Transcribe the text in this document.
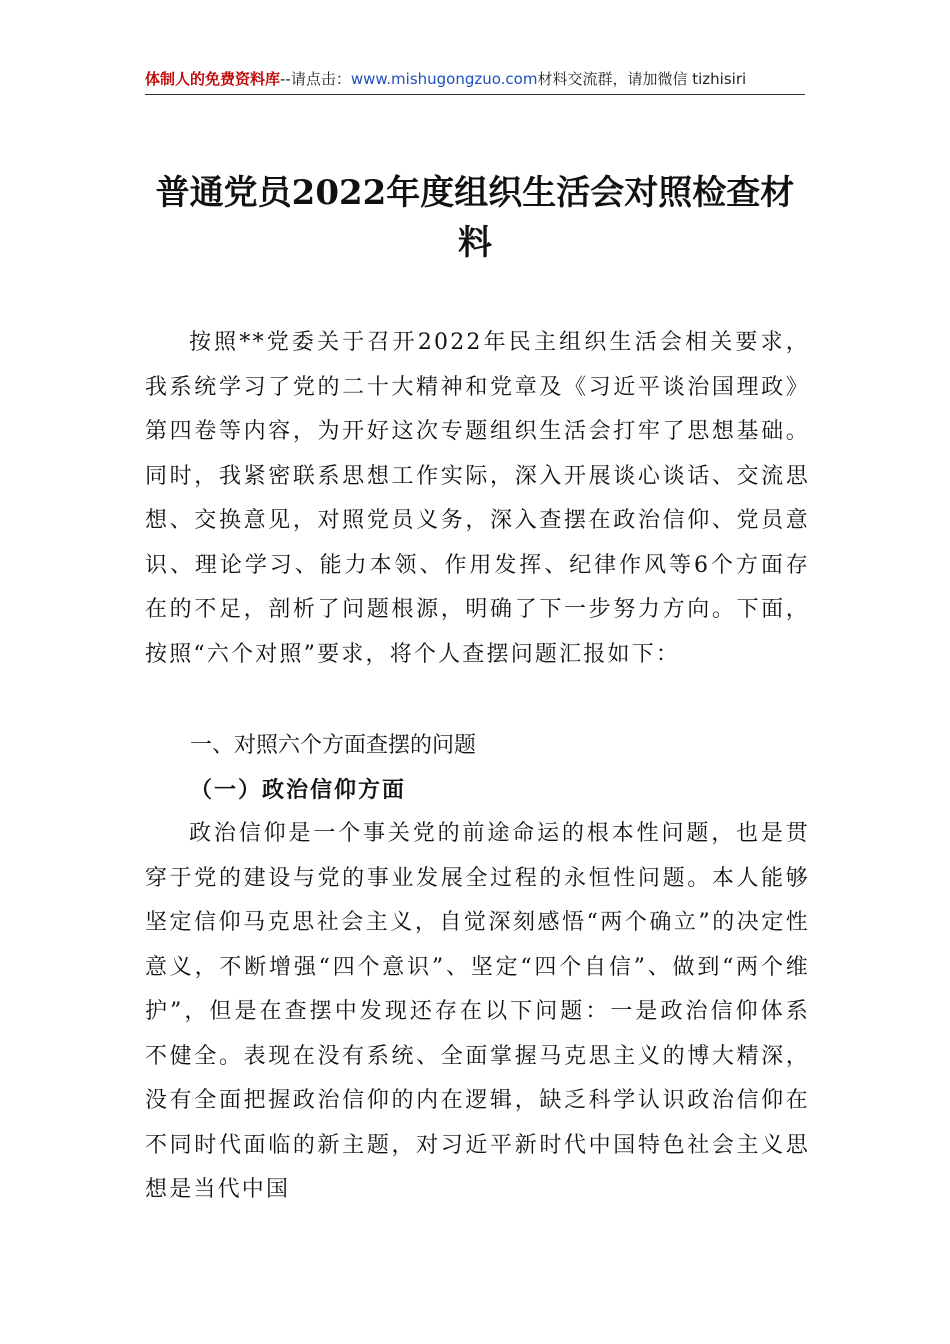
体制人的免费资料库--请点击：www.mishugongzuo.com材料交流群，请加微信 tizhisiri
普通党员2022年度组织生活会对照检查材料
按照**党委关于召开2022年民主组织生活会相关要求，我系统学习了党的二十大精神和党章及《习近平谈治国理政》第四卷等内容，为开好这次专题组织生活会打牢了思想基础。同时，我紧密联系思想工作实际，深入开展谈心谈话、交流思想、交换意见，对照党员义务，深入查摆在政治信仰、党员意识、理论学习、能力本领、作用发挥、纪律作风等6个方面存在的不足，剖析了问题根源，明确了下一步努力方向。下面，按照“六个对照”要求，将个人查摆问题汇报如下：
一、对照六个方面查摆的问题
（一）政治信仰方面
政治信仰是一个事关党的前途命运的根本性问题，也是贯穿于党的建设与党的事业发展全过程的永恒性问题。本人能够坚定信仰马克思社会主义，自觉深刻感悟“两个确立”的决定性意义，不断增强“四个意识”、坚定“四个自信”、做到“两个维护”，但是在查摆中发现还存在以下问题：一是政治信仰体系不健全。表现在没有系统、全面掌握马克思主义的博大精深，没有全面把握政治信仰的内在逻辑，缺乏科学认识政治信仰在不同时代面临的新主题，对习近平新时代中国特色社会主义思想是当代中国
